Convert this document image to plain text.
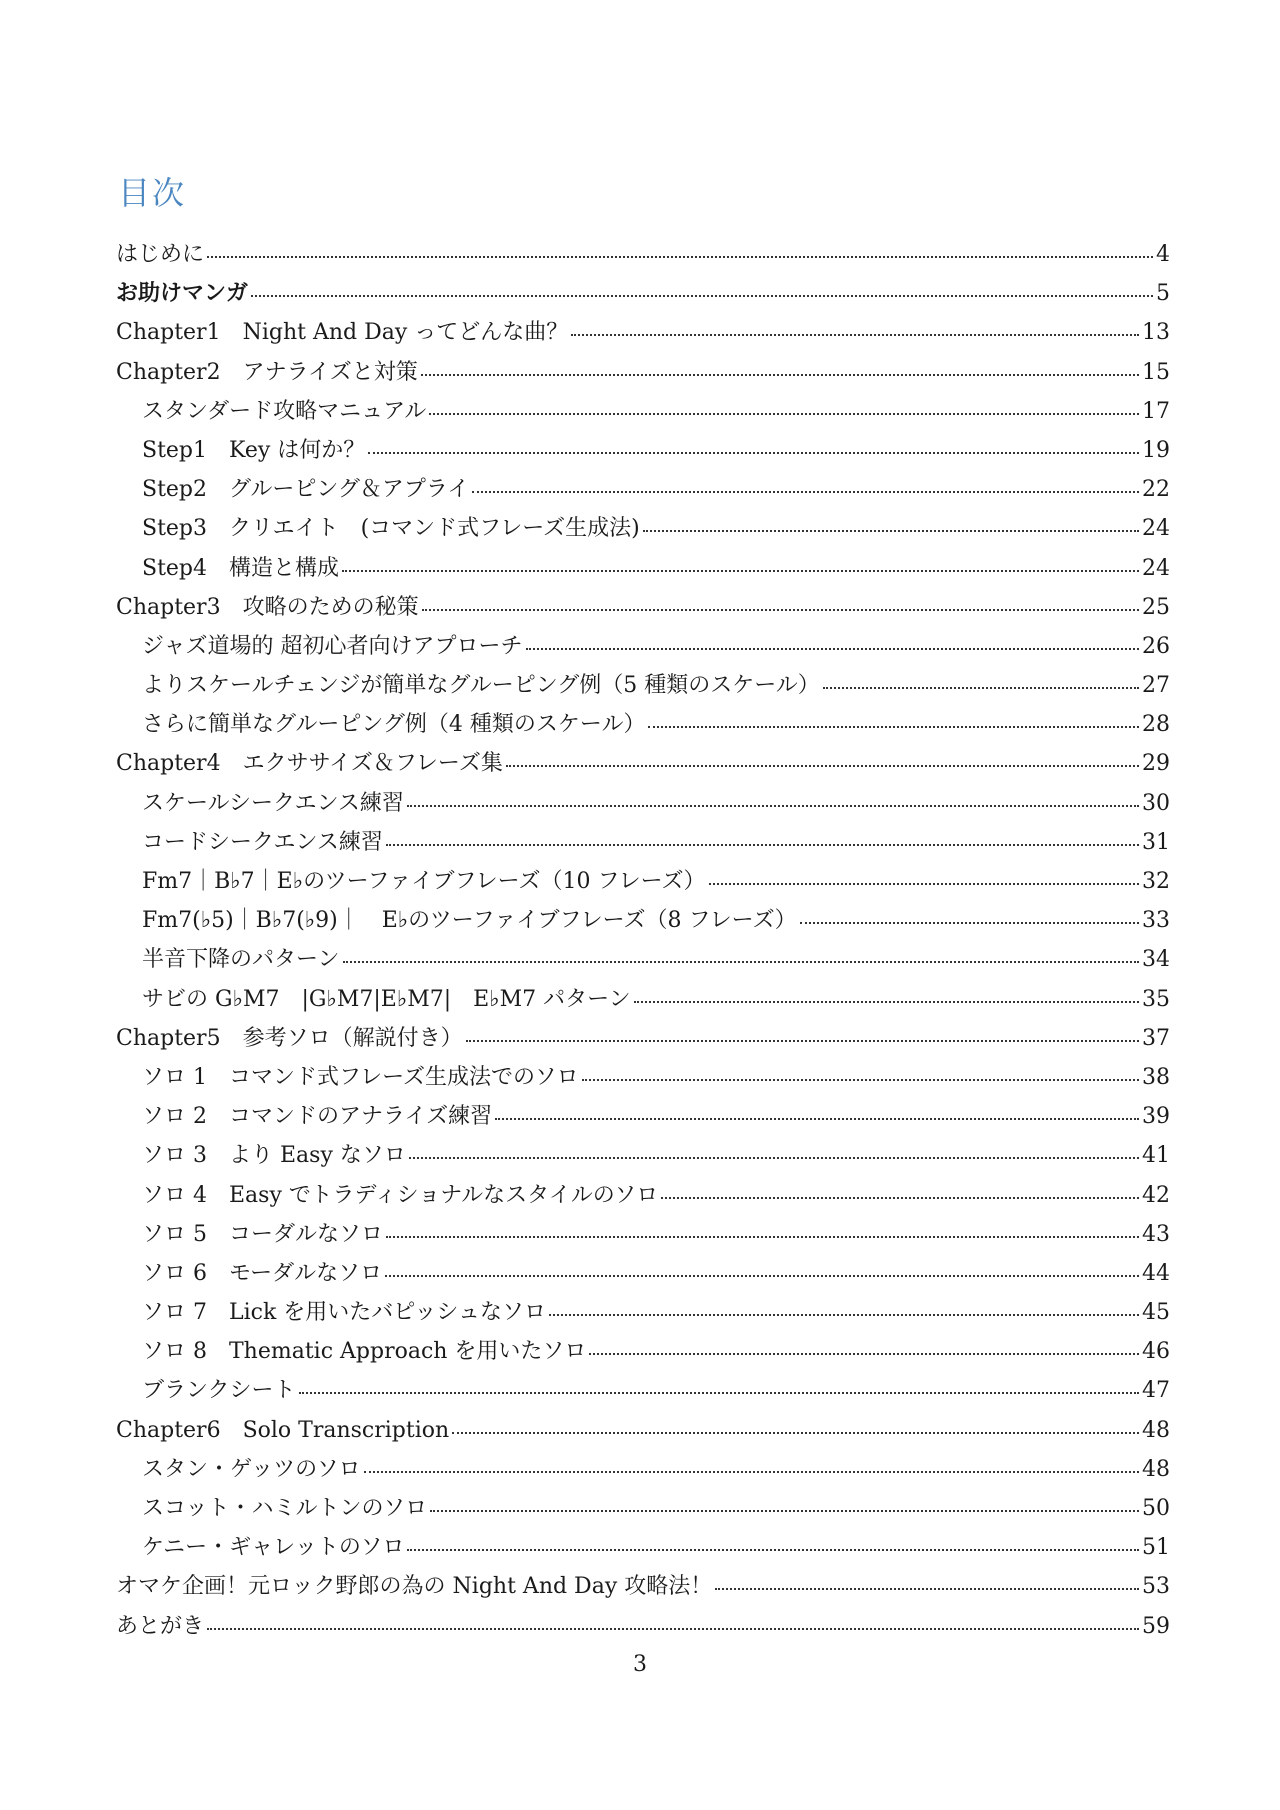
目次
はじめに	4
お助けマンガ	5
Chapter1　Night And Day ってどんな曲？	13
Chapter2　アナライズと対策	15
スタンダード攻略マニュアル	17
Step1　Key は何か？	19
Step2　グルーピング＆アプライ	22
Step3　クリエイト　(コマンド式フレーズ生成法)	24
Step4　構造と構成	24
Chapter3　攻略のための秘策	25
ジャズ道場的 超初心者向けアプローチ	26
よりスケールチェンジが簡単なグルーピング例（5 種類のスケール）	27
さらに簡単なグルーピング例（4 種類のスケール）	28
Chapter4　エクササイズ＆フレーズ集	29
スケールシークエンス練習	30
コードシークエンス練習	31
Fm7｜B♭7｜E♭のツーファイブフレーズ（10 フレーズ）	32
Fm7(♭5)｜B♭7(♭9)｜　E♭のツーファイブフレーズ（8 フレーズ）	33
半音下降のパターン	34
サビの G♭M7　|G♭M7|E♭M7|　E♭M7 パターン	35
Chapter5　参考ソロ（解説付き）	37
ソロ 1　コマンド式フレーズ生成法でのソロ	38
ソロ 2　コマンドのアナライズ練習	39
ソロ 3　より Easy なソロ	41
ソロ 4　Easy でトラディショナルなスタイルのソロ	42
ソロ 5　コーダルなソロ	43
ソロ 6　モーダルなソロ	44
ソロ 7　Lick を用いたバピッシュなソロ	45
ソロ 8　Thematic Approach を用いたソロ	46
ブランクシート	47
Chapter6　Solo Transcription	48
スタン・ゲッツのソロ	48
スコット・ハミルトンのソロ	50
ケニー・ギャレットのソロ	51
オマケ企画！元ロック野郎の為の Night And Day 攻略法！	53
あとがき	59
3
